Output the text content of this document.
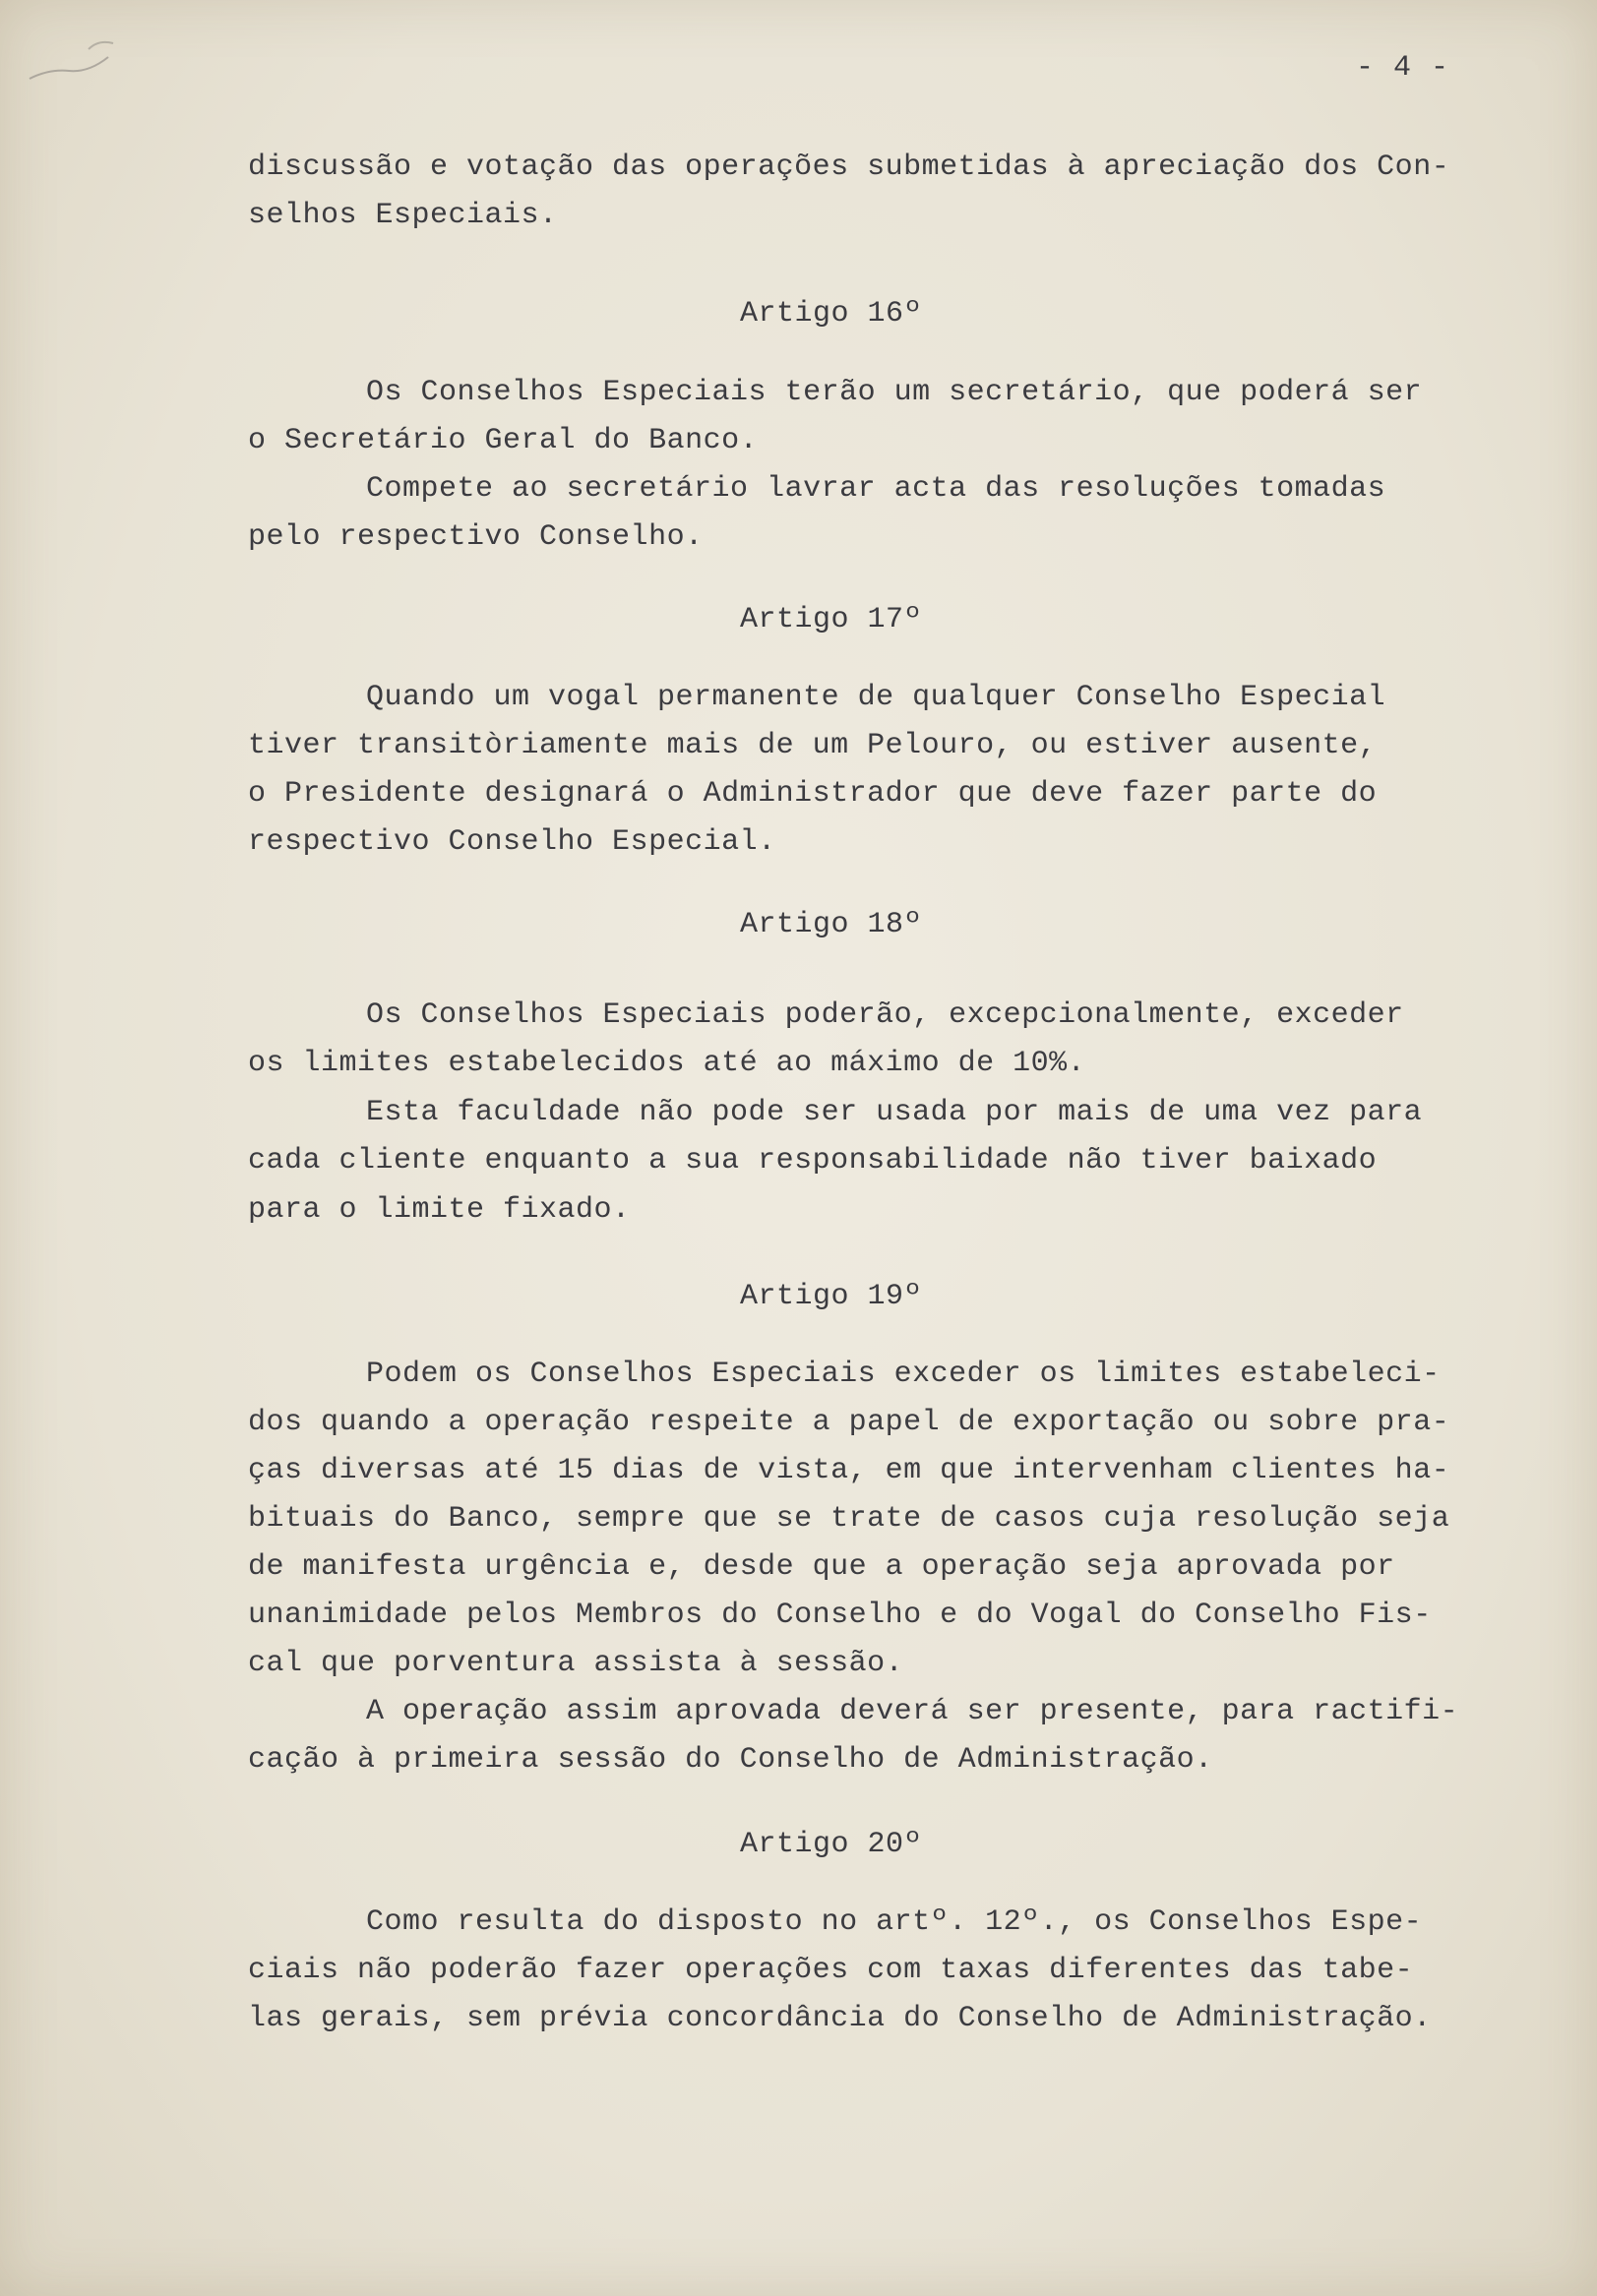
- 4 -
discussão e votação das operações submetidas à apreciação dos Con-
selhos Especiais.
Artigo 16º
Os Conselhos Especiais terão um secretário, que poderá ser
o Secretário Geral do Banco.
Compete ao secretário lavrar acta das resoluções tomadas
pelo respectivo Conselho.
Artigo 17º
Quando um vogal permanente de qualquer Conselho Especial
tiver transitòriamente mais de um Pelouro, ou estiver ausente,
o Presidente designará o Administrador que deve fazer parte do
respectivo Conselho Especial.
Artigo 18º
Os Conselhos Especiais poderão, excepcionalmente, exceder
os limites estabelecidos até ao máximo de 10%.
Esta faculdade não pode ser usada por mais de uma vez para
cada cliente enquanto a sua responsabilidade não tiver baixado
para o limite fixado.
Artigo 19º
Podem os Conselhos Especiais exceder os limites estabeleci-
dos quando a operação respeite a papel de exportação ou sobre pra-
ças diversas até 15 dias de vista, em que intervenham clientes ha-
bituais do Banco, sempre que se trate de casos cuja resolução seja
de manifesta urgência e, desde que a operação seja aprovada por
unanimidade pelos Membros do Conselho e do Vogal do Conselho Fis-
cal que porventura assista à sessão.
A operação assim aprovada deverá ser presente, para ractifi-
cação à primeira sessão do Conselho de Administração.
Artigo 20º
Como resulta do disposto no artº. 12º., os Conselhos Espe-
ciais não poderão fazer operações com taxas diferentes das tabe-
las gerais, sem prévia concordância do Conselho de Administração.
